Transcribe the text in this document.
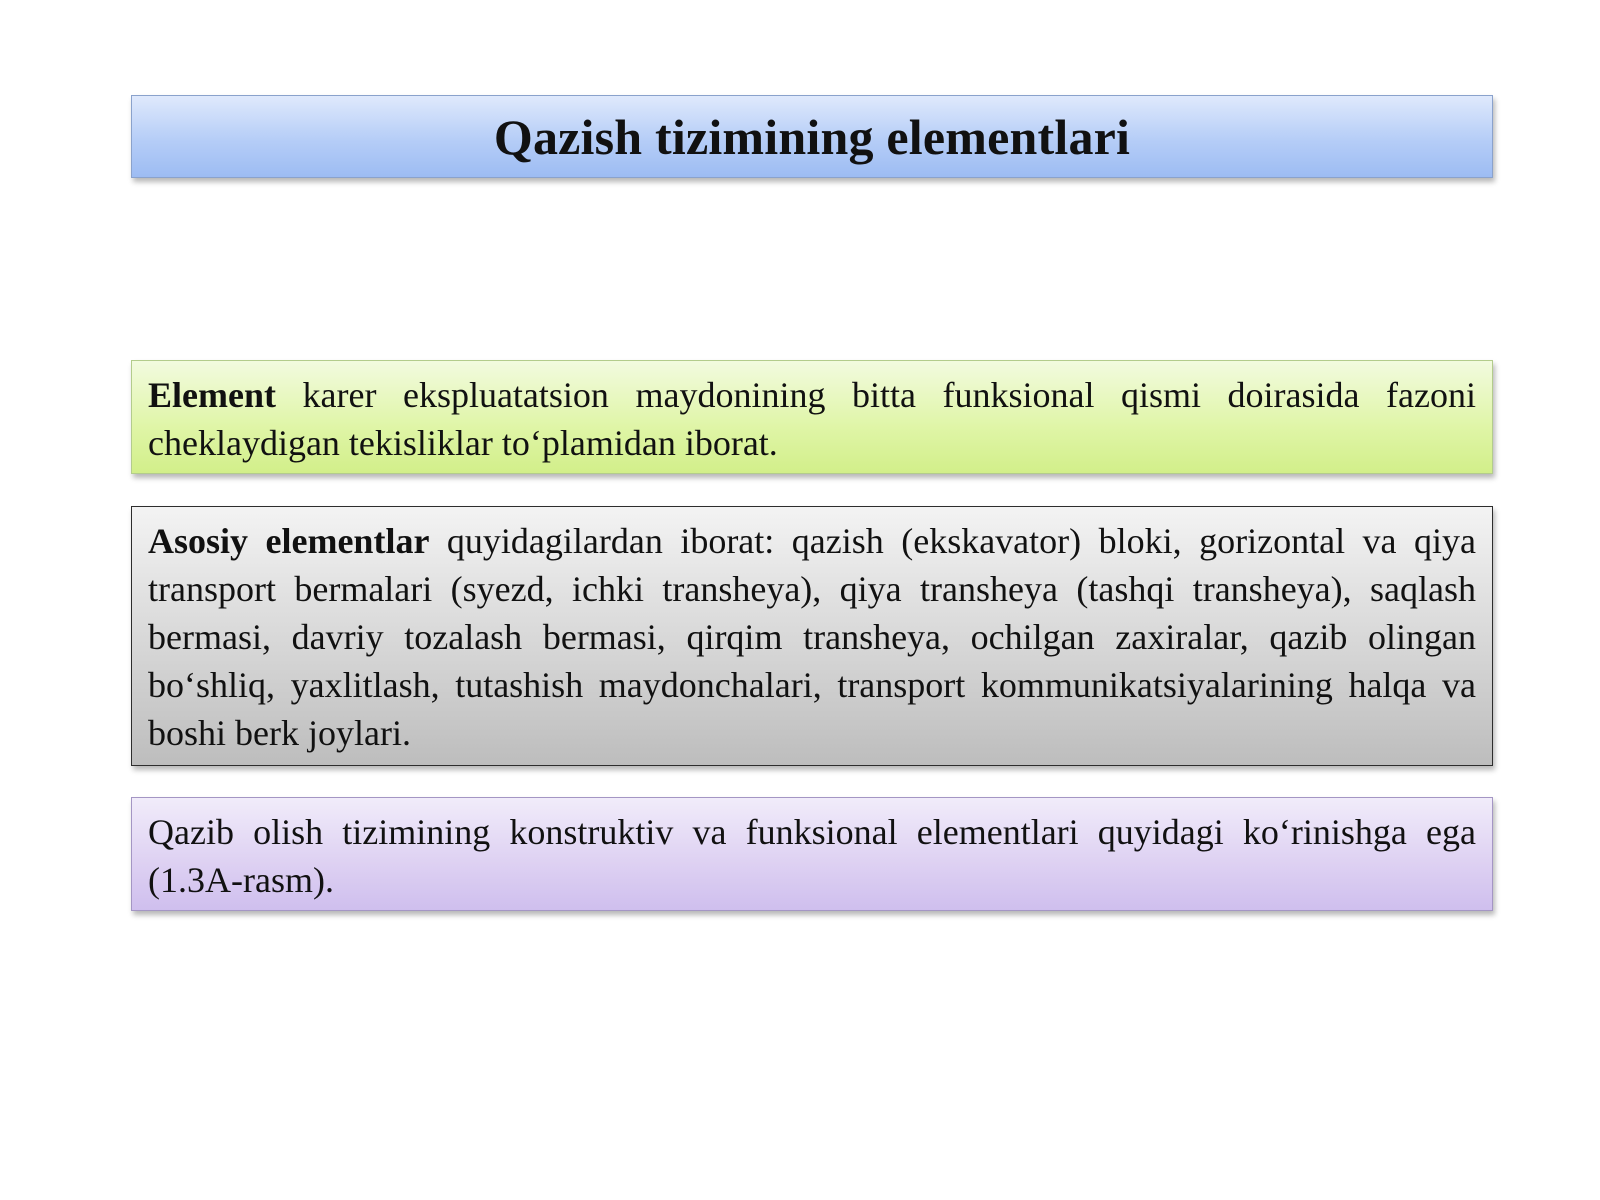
Qazish tizimining elementlari

Element karer ekspluatatsion maydonining bitta funksional qismi doirasida fazoni cheklaydigan tekisliklar to‘plamidan iborat.

Asosiy elementlar quyidagilardan iborat: qazish (ekskavator) bloki, gorizontal va qiya transport bermalari (syezd, ichki transheya), qiya transheya (tashqi transheya), saqlash bermasi, davriy tozalash bermasi, qirqim transheya, ochilgan zaxiralar, qazib olingan bo‘shliq, yaxlitlash, tutashish maydonchalari, transport kommunikatsiyalarining halqa va boshi berk joylari.

Qazib olish tizimining konstruktiv va funksional elementlari quyidagi ko‘rinishga ega (1.3A-rasm).
